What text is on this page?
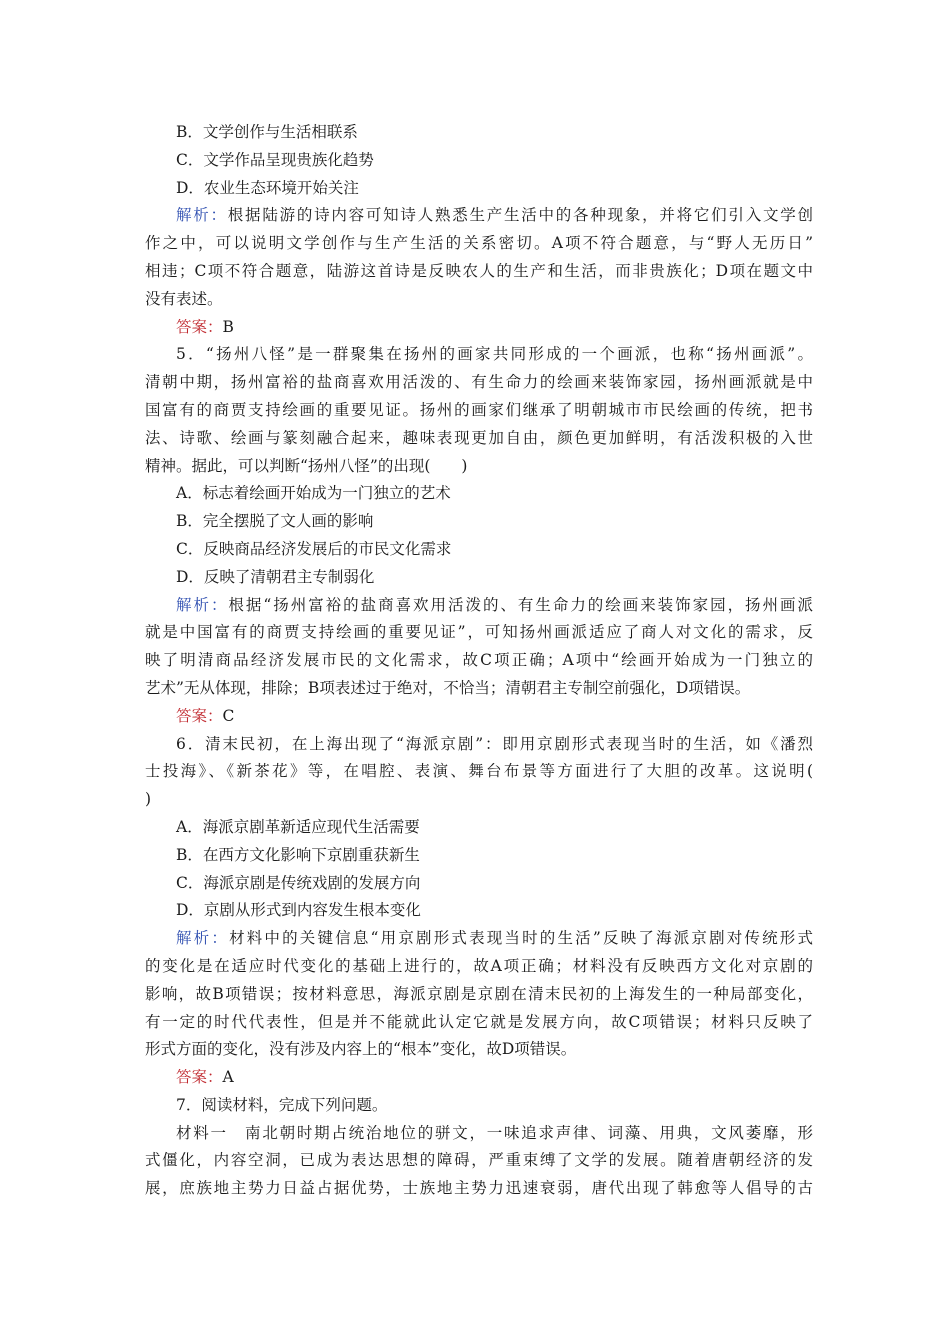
B．文学创作与生活相联系
C．文学作品呈现贵族化趋势
D．农业生态环境开始关注
解析：根据陆游的诗内容可知诗人熟悉生产生活中的各种现象，并将它们引入文学创
作之中，可以说明文学创作与生产生活的关系密切。A项不符合题意，与“野人无历日”
相违；C项不符合题意，陆游这首诗是反映农人的生产和生活，而非贵族化；D项在题文中
没有表述。
答案：B
5．“扬州八怪”是一群聚集在扬州的画家共同形成的一个画派，也称“扬州画派”。
清朝中期，扬州富裕的盐商喜欢用活泼的、有生命力的绘画来装饰家园，扬州画派就是中
国富有的商贾支持绘画的重要见证。扬州的画家们继承了明朝城市市民绘画的传统，把书
法、诗歌、绘画与篆刻融合起来，趣味表现更加自由，颜色更加鲜明，有活泼积极的入世
精神。据此，可以判断“扬州八怪”的出现(　　)
A．标志着绘画开始成为一门独立的艺术
B．完全摆脱了文人画的影响
C．反映商品经济发展后的市民文化需求
D．反映了清朝君主专制弱化
解析：根据“扬州富裕的盐商喜欢用活泼的、有生命力的绘画来装饰家园，扬州画派
就是中国富有的商贾支持绘画的重要见证”，可知扬州画派适应了商人对文化的需求，反
映了明清商品经济发展市民的文化需求，故C项正确；A项中“绘画开始成为一门独立的
艺术”无从体现，排除；B项表述过于绝对，不恰当；清朝君主专制空前强化，D项错误。
答案：C
6．清末民初，在上海出现了“海派京剧”：即用京剧形式表现当时的生活，如《潘烈
士投海》、《新茶花》等，在唱腔、表演、舞台布景等方面进行了大胆的改革。这说明(
)
A．海派京剧革新适应现代生活需要
B．在西方文化影响下京剧重获新生
C．海派京剧是传统戏剧的发展方向
D．京剧从形式到内容发生根本变化
解析：材料中的关键信息“用京剧形式表现当时的生活”反映了海派京剧对传统形式
的变化是在适应时代变化的基础上进行的，故A项正确；材料没有反映西方文化对京剧的
影响，故B项错误；按材料意思，海派京剧是京剧在清末民初的上海发生的一种局部变化，
有一定的时代代表性，但是并不能就此认定它就是发展方向，故C项错误；材料只反映了
形式方面的变化，没有涉及内容上的“根本”变化，故D项错误。
答案：A
7．阅读材料，完成下列问题。
材料一　南北朝时期占统治地位的骈文，一味追求声律、词藻、用典，文风萎靡，形
式僵化，内容空洞，已成为表达思想的障碍，严重束缚了文学的发展。随着唐朝经济的发
展，庶族地主势力日益占据优势，士族地主势力迅速衰弱，唐代出现了韩愈等人倡导的古
